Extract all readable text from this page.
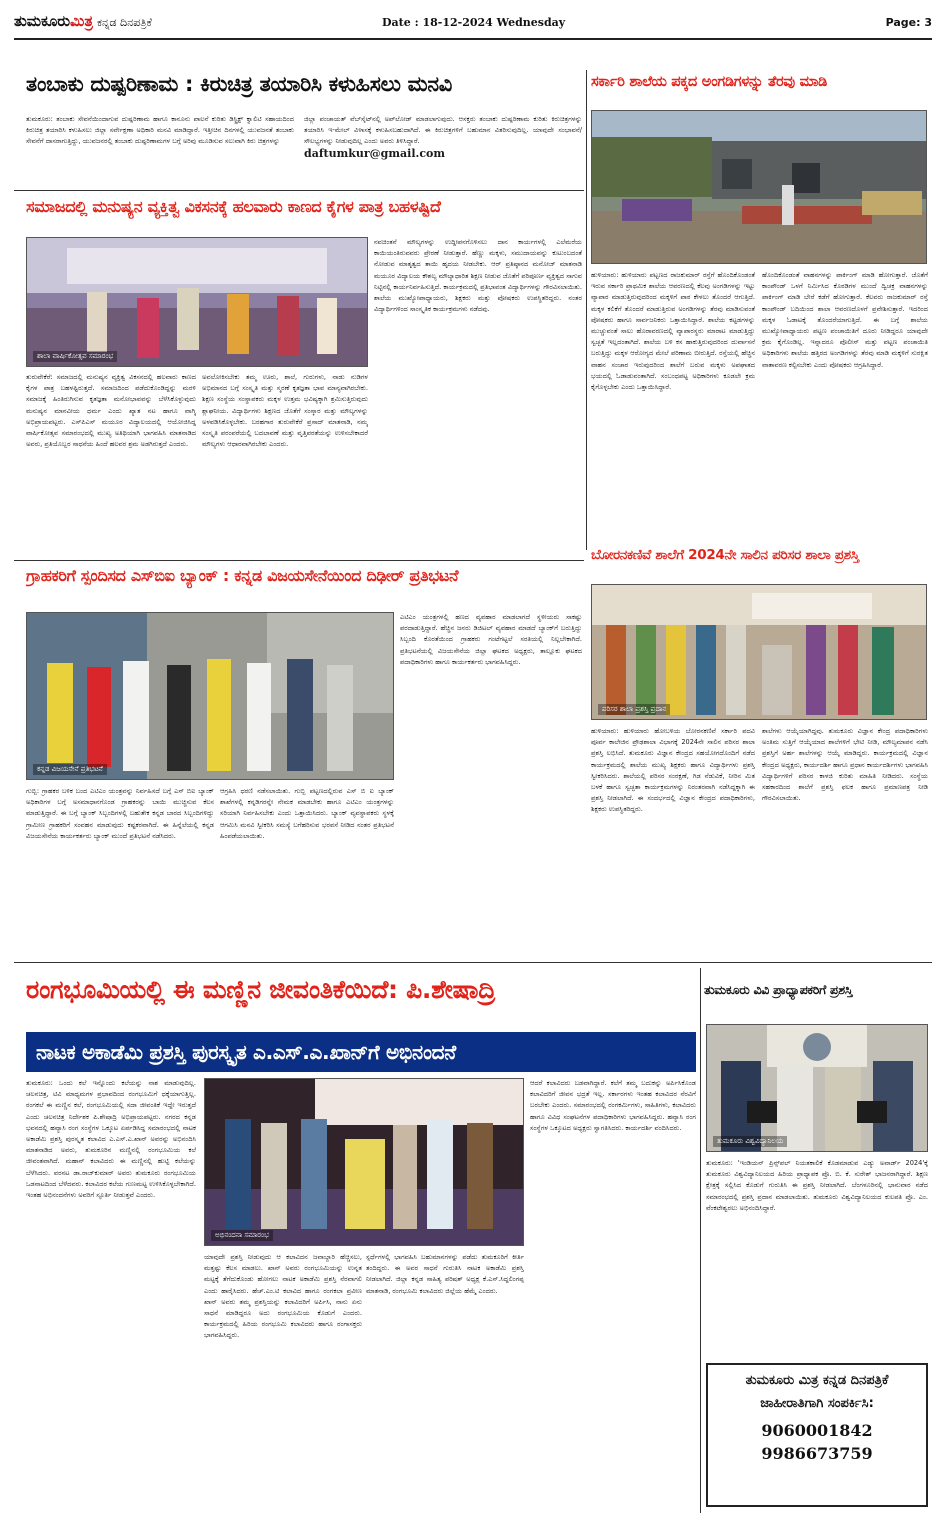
ತುಮಕೂರುಮಿತ್ರ ಕನ್ನಡ ದಿನಪತ್ರಿಕೆ	Date : 18-12-2024 Wednesday	Page: 3
ತಂಬಾಕು ದುಷ್ಪರಿಣಾಮ : ಕಿರುಚಿತ್ರ ತಯಾರಿಸಿ ಕಳುಹಿಸಲು ಮನವಿ
ತುಮಕೂರು: ತಂಬಾಕು ಸೇವನೆಯಿಂದಾಗುವ ದುಷ್ಪರಿಣಾಮ ಹಾಗೂ ಕಾನೂನು ಪಾಲನೆ ಕುರಿತು ಡಿಸ್ಟ್ರಿಕ್ಟ್ ಕ್ವಾಲಿಟಿ ಸಹಾಯದಿಂದ ಕಿರುಚಿತ್ರ ತಯಾರಿಸಿ ಕಳುಹಿಸಲು ಜಿಲ್ಲಾ ಸರ್ವೇಕ್ಷಣಾ ಅಧಿಕಾರಿ ಮನವಿ ಮಾಡಿದ್ದಾರೆ. ಇತ್ತೀಚಿನ ದಿನಗಳಲ್ಲಿ ಯುವಜನತೆ ತಂಬಾಕು ಸೇವನೆಗೆ ದಾಸರಾಗುತ್ತಿದ್ದು, ಯುವಜನರಲ್ಲಿ ತಂಬಾಕು ದುಷ್ಪರಿಣಾಮಗಳ ಬಗ್ಗೆ ಅರಿವು ಮೂಡಿಸುವ ಸಲುವಾಗಿ ಕಿರು ಚಿತ್ರಗಳನ್ನು
ಜಿಲ್ಲಾ ಪಂಚಾಯತ್ ವೆಬ್‍ಸೈಟ್‍ನಲ್ಲಿ ಅಪ್‍ಲೋಡ್ ಮಾಡಲಾಗುವುದು. ಆಸಕ್ತರು ತಂಬಾಕು ದುಷ್ಪರಿಣಾಮ ಕುರಿತು ಕಿರುಚಿತ್ರಗಳನ್ನು ತಯಾರಿಸಿ ಇ-ಮೇಲ್ ವಿಳಾಸಕ್ಕೆ ಕಳುಹಿಸಬಹುದಾಗಿದೆ. ಈ ಕಿರುಚಿತ್ರಗಳಿಗೆ ಬಹುಮಾನ ವಿತರಿಸುವುದಿಲ್ಲ. ಯಾವುದೇ ಸಂಭಾವನೆ/ಸೌಲಭ್ಯಗಳನ್ನು ನೀಡುವುದಿಲ್ಲ ಎಂದು ಅವರು ತಿಳಿಸಿದ್ದಾರೆ.
daftumkur@gmail.com
ಸರ್ಕಾರಿ ಶಾಲೆಯ ಪಕ್ಕದ ಅಂಗಡಿಗಳನ್ನು ತೆರವು ಮಾಡಿ
ಹುಳಿಯಾರು: ಹುಳಿಯಾರು ಪಟ್ಟಣದ ರಾಜಕುಮಾರ್ ರಸ್ತೆಗೆ ಹೊಂದಿಕೊಂಡಂತೆ ಇರುವ ಸರ್ಕಾರಿ ಪ್ರಾಥಮಿಕ ಶಾಲೆಯ ಆವರಣದಲ್ಲಿ ಕೆಲವು ಅಂಗಡಿಗಳನ್ನು ಇಟ್ಟು ವ್ಯಾಪಾರ ಮಾಡುತ್ತಿರುವುದರಿಂದ ಮಕ್ಕಳಿಗೆ ಪಾಠ ಕೇಳಲು ತೊಂದರೆ ಆಗುತ್ತಿದೆ. ಮಕ್ಕಳ ಕಲಿಕೆಗೆ ತೊಂದರೆ ಮಾಡುತ್ತಿರುವ ಅಂಗಡಿಗಳನ್ನು ತೆರವು ಮಾಡಿಸುವಂತೆ ಪೋಷಕರು ಹಾಗೂ ಸಾರ್ವಜನಿಕರು ಒತ್ತಾಯಿಸಿದ್ದಾರೆ. ಶಾಲೆಯ ಕಟ್ಟಡಗಳನ್ನು ಮುಚ್ಚುವಂತೆ ಸಾಲು ಹೊರಾವರಣದಲ್ಲಿ ವ್ಯಾಪಾರಸ್ಥರು ಮಾರಾಟ ಮಾಡುತ್ತಿದ್ದು ಸ್ವಚ್ಛತೆ ಇಲ್ಲದಂತಾಗಿದೆ. ಶಾಲೆಯ ಬಳಿ ಕಸ ಹಾಕುತ್ತಿರುವುದರಿಂದ ದುರ್ವಾಸನೆ ಬರುತ್ತಿದ್ದು ಮಕ್ಕಳ ಆರೋಗ್ಯದ ಮೇಲೆ ಪರಿಣಾಮ ಬೀರುತ್ತಿದೆ. ರಸ್ತೆಯಲ್ಲಿ ಹೆಚ್ಚಿನ ವಾಹನ ಸಂಚಾರ ಇರುವುದರಿಂದ ಶಾಲೆಗೆ ಬರುವ ಮಕ್ಕಳು ಅಪಘಾತದ ಭಯದಲ್ಲಿ ಓಡಾಡುವಂತಾಗಿದೆ. ಸಂಬಂಧಪಟ್ಟ ಅಧಿಕಾರಿಗಳು ಕೂಡಲೇ ಕ್ರಮ ಕೈಗೊಳ್ಳಬೇಕು ಎಂದು ಒತ್ತಾಯಿಸಿದ್ದಾರೆ.
ಹೊಂದಿಕೊಂಡಂತೆ ವಾಹನಗಳನ್ನು ಪಾರ್ಕಿಂಗ್ ಮಾಡಿ ಹೋಗುತ್ತಾರೆ. ಜೊತೆಗೆ ಕಾಂಪೌಂಡ್ ಒಳಗೆ ನಿರ್ಮಿಸಿದ ಕೊಠಡಿಗಳ ಮುಂದೆ ದ್ವಿಚಕ್ರ ವಾಹನಗಳನ್ನು ಪಾರ್ಕಿಂಗ್ ಮಾಡಿ ಬೇರೆ ಕಡೆಗೆ ಹೋಗುತ್ತಾರೆ. ಕೆಲವರು ರಾಜಕುಮಾರ್ ರಸ್ತೆ ಕಾಂಪೌಂಡ್ ಬದಿಯಿಂದ ಶಾಲಾ ಆವರಣದೊಳಗೆ ಪ್ರವೇಶಿಸುತ್ತಾರೆ. ಇದರಿಂದ ಮಕ್ಕಳ ಓಡಾಟಕ್ಕೆ ತೊಂದರೆಯಾಗುತ್ತಿದೆ. ಈ ಬಗ್ಗೆ ಶಾಲೆಯ ಮುಖ್ಯೋಪಾಧ್ಯಾಯರು ಪಟ್ಟಣ ಪಂಚಾಯಿತಿಗೆ ದೂರು ನೀಡಿದ್ದರೂ ಯಾವುದೇ ಕ್ರಮ ಕೈಗೊಂಡಿಲ್ಲ. ಇನ್ನಾದರೂ ಪೊಲೀಸ್ ಮತ್ತು ಪಟ್ಟಣ ಪಂಚಾಯಿತಿ ಅಧಿಕಾರಿಗಳು ಶಾಲೆಯ ಹತ್ತಿರದ ಅಂಗಡಿಗಳನ್ನು ತೆರವು ಮಾಡಿ ಮಕ್ಕಳಿಗೆ ಸುರಕ್ಷಿತ ವಾತಾವರಣ ಕಲ್ಪಿಸಬೇಕು ಎಂದು ಪೋಷಕರು ಆಗ್ರಹಿಸಿದ್ದಾರೆ.
ಸಮಾಜದಲ್ಲಿ ಮನುಷ್ಯನ ವ್ಯಕ್ತಿತ್ವ ವಿಕಸನಕ್ಕೆ ಹಲವಾರು ಕಾಣದ ಕೈಗಳ ಪಾತ್ರ ಬಹಳಷ್ಟಿದೆ
ಶಾಲಾ ವಾರ್ಷಿಕೋತ್ಸವ ಸಮಾರಂಭ
ನವಚಿಂತನೆ ಮೌಲ್ಯಗಳನ್ನು ಉದ್ದೀಪನಗೊಳಿಸಲು ದಾನ ಕಾರ್ಯಗಳಲ್ಲಿ ಎಲೆಮರೆಯ ಕಾಯಿಯಂತಿರುವವರು ಪ್ರೇರಣೆ ನೀಡುತ್ತಾರೆ. ಹೆಣ್ಣು ಮಕ್ಕಳು, ಸಮುದಾಯವನ್ನು ಕುಟುಂಬದಂತೆ ನೋಡುವ ಮಾತೃತ್ವದ ತಾಯಿ ಹೃದಯ ನೀಡಬೇಕು. ಆರ್ ಪ್ರತಿಷ್ಠಾನದ ಮನೋಜ್ ಮಾತನಾಡಿ ಮಯೂರ ವಿದ್ಯಾಲಯ ಕೌಶಲ್ಯ ಮೌಲ್ಯಾಧಾರಿತ ಶಿಕ್ಷಣ ನೀಡುವ ಜೊತೆಗೆ ಪರಿಪೂರ್ಣ ವ್ಯಕ್ತಿತ್ವದ ಸಾಗುವ ನಿಟ್ಟಿನಲ್ಲಿ ಕಾರ್ಯನಿರ್ವಹಿಸುತ್ತಿದೆ. ಕಾರ್ಯಕ್ರಮದಲ್ಲಿ ಪ್ರತಿಭಾವಂತ ವಿದ್ಯಾರ್ಥಿಗಳನ್ನು ಗೌರವಿಸಲಾಯಿತು. ಶಾಲೆಯ ಮುಖ್ಯೋಪಾಧ್ಯಾಯರು, ಶಿಕ್ಷಕರು ಮತ್ತು ಪೋಷಕರು ಉಪಸ್ಥಿತರಿದ್ದರು. ನಂತರ ವಿದ್ಯಾರ್ಥಿಗಳಿಂದ ಸಾಂಸ್ಕೃತಿಕ ಕಾರ್ಯಕ್ರಮಗಳು ನಡೆದವು.
ತುರುವೇಕೆರೆ: ಸಮಾಜದಲ್ಲಿ ಮನುಷ್ಯನ ವ್ಯಕ್ತಿತ್ವ ವಿಕಸನದಲ್ಲಿ ಹಲವಾರು ಕಾಣದ ಕೈಗಳ ಪಾತ್ರ ಬಹಳಷ್ಟಿರುತ್ತದೆ. ಸಮಾಜದಿಂದ ಪಡೆದುಕೊಂಡಿದ್ದನ್ನು ಮರಳಿ ಸಮಾಜಕ್ಕೆ ಹಿಂತಿರುಗಿಸುವ ಕೃತಜ್ಞತಾ ಮನೋಭಾವವನ್ನು ಬೆಳೆಸಿಕೊಳ್ಳುವುದು ಮನುಷ್ಯನ ಮಾನವೀಯ ಧರ್ಮ ಎಂದು ಖ್ಯಾತ ನಟ ಹಾಗೂ ವಾಗ್ಮಿ ಅಭಿಪ್ರಾಯಪಟ್ಟರು. ಎಸ್‌ಪಿಎಸ್ ಮಯೂರ ವಿದ್ಯಾಲಯದಲ್ಲಿ ಆಯೋಜಿಸಿದ್ದ ವಾರ್ಷಿಕೋತ್ಸವ ಸಮಾರಂಭದಲ್ಲಿ ಮುಖ್ಯ ಅತಿಥಿಯಾಗಿ ಭಾಗವಹಿಸಿ ಮಾತನಾಡಿದ ಅವರು, ಪ್ರತಿಯೊಬ್ಬರ ಸಾಧನೆಯ ಹಿಂದೆ ಹಲವರ ಶ್ರಮ ಅಡಗಿರುತ್ತದೆ ಎಂದರು.
ಅವಲೋಕಿಸಬೇಕು ತಮ್ಮ ಊರು, ಶಾಲೆ, ಗುರುಗಳು, ನಾಡು ನುಡಿಗಳ ಅಭಿಮಾನದ ಬಗ್ಗೆ ಸಂಸ್ಕೃತಿ ಮತ್ತು ಸ್ಮರಣೆ ಕೃತಜ್ಞತಾ ಭಾವ ಮಾನ್ಯವಾಗಿರಬೇಕು. ಶಿಕ್ಷಣ ಸಂಸ್ಥೆಯ ಸಂಸ್ಥಾಪಕರು ಮಕ್ಕಳ ಉತ್ತಮ ಭವಿಷ್ಯಕ್ಕಾಗಿ ಶ್ರಮಿಸುತ್ತಿರುವುದು ಶ್ಲಾಘನೀಯ. ವಿದ್ಯಾರ್ಥಿಗಳು ಶಿಕ್ಷಣದ ಜೊತೆಗೆ ಸಂಸ್ಕಾರ ಮತ್ತು ಮೌಲ್ಯಗಳನ್ನು ಅಳವಡಿಸಿಕೊಳ್ಳಬೇಕು. ಬರಹಗಾರ ತುರುವೇಕೆರೆ ಪ್ರಸಾದ್ ಮಾತನಾಡಿ, ನಮ್ಮ ಸಂಸ್ಕೃತಿ ಪರಂಪರೆಯಲ್ಲಿ ಬದಲಾವಣೆ ಮತ್ತು ವೃತ್ತಿಪರತೆಯನ್ನು ಉಳಿಸಬೇಕಾದರೆ ಮೌಲ್ಯಗಳು ಆಧಾರವಾಗಿರಬೇಕು ಎಂದರು.
ಗ್ರಾಹಕರಿಗೆ ಸ್ಪಂದಿಸದ ಎಸ್‌ಬಿಐ ಬ್ಯಾಂಕ್ : ಕನ್ನಡ ವಿಜಯಸೇನೆಯಿಂದ ದಿಢೀರ್ ಪ್ರತಿಭಟನೆ
ಕನ್ನಡ ವಿಜಯಸೇನೆ ಪ್ರತಿಭಟನೆ
ಎಟಿಎಂ ಯಂತ್ರಗಳಲ್ಲಿ ಹಣದ ವ್ಯವಹಾರ ಮಾಡಲಾಗದೆ ಸ್ಥಳೀಯರು ಸಾಕಷ್ಟು ಪರದಾಡುತ್ತಿದ್ದಾರೆ. ಹೆಚ್ಚಿನ ಜನರು ಡಿಜಿಟಲ್ ವ್ಯವಹಾರ ಮಾಡದೆ ಬ್ಯಾಂಕ್‌ಗೆ ಬರುತ್ತಿದ್ದು ಸಿಬ್ಬಂದಿ ಕೊರತೆಯಿಂದ ಗ್ರಾಹಕರು ಗಂಟೆಗಟ್ಟಲೆ ಸರತಿಯಲ್ಲಿ ನಿಲ್ಲಬೇಕಾಗಿದೆ. ಪ್ರತಿಭಟನೆಯಲ್ಲಿ ವಿಜಯಸೇನೆಯ ಜಿಲ್ಲಾ ಘಟಕದ ಅಧ್ಯಕ್ಷರು, ತಾಲ್ಲೂಕು ಘಟಕದ ಪದಾಧಿಕಾರಿಗಳು ಹಾಗೂ ಕಾರ್ಯಕರ್ತರು ಭಾಗವಹಿಸಿದ್ದರು.
ಗುಬ್ಬಿ: ಗ್ರಾಹಕರ ಬಳಿಕ ಬಂದ ಎಟಿಎಂ ಯಂತ್ರವನ್ನು ನಿರ್ವಹಿಸದೆ ಬಗ್ಗೆ ಎಸ್ ಬಿಐ ಬ್ಯಾಂಕ್ ಅಧಿಕಾರಿಗಳ ಬಗ್ಗೆ ಅಸಮಾಧಾನಗೊಂಡ ಗ್ರಾಹಕರನ್ನು ಬಾಯಿ ಮುಚ್ಚಿಸುವ ಕೆಲಸ ಮಾಡುತ್ತಿದ್ದಾರೆ. ಈ ಬಗ್ಗೆ ಬ್ಯಾಂಕ್ ಸಿಬ್ಬಂದಿಗಳಲ್ಲಿ ಬಹುತೇಕ ಕನ್ನಡ ಬಾರದ ಸಿಬ್ಬಂದಿಗಳಿದ್ದು ಗ್ರಾಮೀಣ ಗ್ರಾಹಕರಿಗೆ ಸಂವಹನ ಮಾಡುವುದು ಕಷ್ಟಕರವಾಗಿದೆ. ಈ ಹಿನ್ನೆಲೆಯಲ್ಲಿ ಕನ್ನಡ ವಿಜಯಸೇನೆಯ ಕಾರ್ಯಕರ್ತರು ಬ್ಯಾಂಕ್ ಮುಂದೆ ಪ್ರತಿಭಟನೆ ನಡೆಸಿದರು.
ಆಗ್ರಹಿಸಿ ಧರಣಿ ನಡೆಸಲಾಯಿತು. ಗುಬ್ಬಿ ಪಟ್ಟಣದಲ್ಲಿರುವ ಎಸ್ ಬಿ ಐ ಬ್ಯಾಂಕ್ ಶಾಖೆಗಳಲ್ಲಿ ಕನ್ನಡಿಗರನ್ನೇ ನೇಮಕ ಮಾಡಬೇಕು ಹಾಗೂ ಎಟಿಎಂ ಯಂತ್ರಗಳನ್ನು ಸರಿಯಾಗಿ ನಿರ್ವಹಿಸಬೇಕು ಎಂದು ಒತ್ತಾಯಿಸಿದರು. ಬ್ಯಾಂಕ್ ವ್ಯವಸ್ಥಾಪಕರು ಸ್ಥಳಕ್ಕೆ ಆಗಮಿಸಿ ಮನವಿ ಸ್ವೀಕರಿಸಿ ಸಮಸ್ಯೆ ಬಗೆಹರಿಸುವ ಭರವಸೆ ನೀಡಿದ ನಂತರ ಪ್ರತಿಭಟನೆ ಹಿಂಪಡೆಯಲಾಯಿತು.
ಬೋರನಕಣಿವೆ ಶಾಲೆಗೆ 2024ನೇ ಸಾಲಿನ ಪರಿಸರ ಶಾಲಾ ಪ್ರಶಸ್ತಿ
ಪರಿಸರ ಶಾಲಾ ಪ್ರಶಸ್ತಿ ಪ್ರದಾನ
ಹುಳಿಯಾರು: ಹುಳಿಯಾರು ಹೋಬಳಿಯ ಬೋರನಕಣಿವೆ ಸರ್ಕಾರಿ ಪದವಿ ಪೂರ್ವ ಕಾಲೇಜಿನ ಪ್ರೌಢಶಾಲಾ ವಿಭಾಗಕ್ಕೆ 2024ನೇ ಸಾಲಿನ ಪರಿಸರ ಶಾಲಾ ಪ್ರಶಸ್ತಿ ಲಭಿಸಿದೆ. ತುಮಕೂರು ವಿಜ್ಞಾನ ಕೇಂದ್ರದ ಸಹಯೋಗದೊಂದಿಗೆ ನಡೆದ ಕಾರ್ಯಕ್ರಮದಲ್ಲಿ ಶಾಲೆಯ ಮುಖ್ಯ ಶಿಕ್ಷಕರು ಹಾಗೂ ವಿದ್ಯಾರ್ಥಿಗಳು ಪ್ರಶಸ್ತಿ ಸ್ವೀಕರಿಸಿದರು. ಶಾಲೆಯಲ್ಲಿ ಪರಿಸರ ಸಂರಕ್ಷಣೆ, ಗಿಡ ನೆಡುವಿಕೆ, ನೀರಿನ ಮಿತ ಬಳಕೆ ಹಾಗೂ ಸ್ವಚ್ಛತಾ ಕಾರ್ಯಕ್ರಮಗಳನ್ನು ನಿರಂತರವಾಗಿ ನಡೆಸಿದ್ದಕ್ಕಾಗಿ ಈ ಪ್ರಶಸ್ತಿ ನೀಡಲಾಗಿದೆ. ಈ ಸಂದರ್ಭದಲ್ಲಿ ವಿಜ್ಞಾನ ಕೇಂದ್ರದ ಪದಾಧಿಕಾರಿಗಳು, ಶಿಕ್ಷಕರು ಉಪಸ್ಥಿತರಿದ್ದರು.
ಶಾಲೆಗಳು ಆಯ್ಕೆಯಾಗಿದ್ದವು. ತುಮಕೂರು ವಿಜ್ಞಾನ ಕೇಂದ್ರ ಪದಾಧಿಕಾರಿಗಳು ಅಂತಿಮ ಸುತ್ತಿಗೆ ಆಯ್ಕೆಯಾದ ಶಾಲೆಗಳಿಗೆ ಭೇಟಿ ನೀಡಿ, ಮೌಲ್ಯಮಾಪನ ನಡೆಸಿ ಪ್ರಶಸ್ತಿಗೆ ಅರ್ಹ ಶಾಲೆಗಳನ್ನು ಆಯ್ಕೆ ಮಾಡಿದ್ದರು. ಕಾರ್ಯಕ್ರಮದಲ್ಲಿ ವಿಜ್ಞಾನ ಕೇಂದ್ರದ ಅಧ್ಯಕ್ಷರು, ಕಾರ್ಯದರ್ಶಿ ಹಾಗೂ ಪ್ರಧಾನ ಕಾರ್ಯದರ್ಶಿಗಳು ಭಾಗವಹಿಸಿ ವಿದ್ಯಾರ್ಥಿಗಳಿಗೆ ಪರಿಸರ ಕಾಳಜಿ ಕುರಿತು ಮಾಹಿತಿ ನೀಡಿದರು. ಸಂಸ್ಥೆಯ ಸಹಕಾರದಿಂದ ಶಾಲೆಗೆ ಪ್ರಶಸ್ತಿ ಫಲಕ ಹಾಗೂ ಪ್ರಮಾಣಪತ್ರ ನೀಡಿ ಗೌರವಿಸಲಾಯಿತು.
ರಂಗಭೂಮಿಯಲ್ಲಿ ಈ ಮಣ್ಣಿನ ಜೀವಂತಿಕೆಯಿದೆ: ಪಿ.ಶೇಷಾದ್ರಿ
ನಾಟಕ ಅಕಾಡೆಮಿ ಪ್ರಶಸ್ತಿ ಪುರಸ್ಕೃತ ಎ.ಎಸ್.ಎ.ಖಾನ್‌ಗೆ ಅಭಿನಂದನೆ
ತುಮಕೂರು: ಒಂದು ಕಲೆ ಇನ್ನೊಂದು ಕಲೆಯನ್ನು ನಾಶ ಮಾಡುವುದಿಲ್ಲ. ಚಲನಚಿತ್ರ, ಟಿವಿ ಮಾಧ್ಯಮಗಳ ಪ್ರಭಾವದಿಂದ ರಂಗಭೂಮಿಗೆ ಧಕ್ಕೆಯಾಗುತ್ತಿಲ್ಲ. ರಂಗಕಲೆ ಈ ಮಣ್ಣಿನ ಕಲೆ, ರಂಗಭೂಮಿಯಲ್ಲಿ ಸದಾ ಜೀವಂತಿಕೆ ಇದ್ದೇ ಇರುತ್ತದೆ ಎಂದು ಚಲನಚಿತ್ರ ನಿರ್ದೇಶಕ ಪಿ.ಶೇಷಾದ್ರಿ ಅಭಿಪ್ರಾಯಪಟ್ಟರು. ನಗರದ ಕನ್ನಡ ಭವನದಲ್ಲಿ ಹವ್ಯಾಸಿ ರಂಗ ಸಂಸ್ಥೆಗಳ ಒಕ್ಕೂಟ ಏರ್ಪಡಿಸಿದ್ದ ಸಮಾರಂಭದಲ್ಲಿ ನಾಟಕ ಅಕಾಡೆಮಿ ಪ್ರಶಸ್ತಿ ಪುರಸ್ಕೃತ ಕಲಾವಿದ ಎ.ಎಸ್.ಎ.ಖಾನ್ ಅವರನ್ನು ಅಭಿನಂದಿಸಿ ಮಾತನಾಡಿದ ಅವರು, ತುಮಕೂರಿನ ಮಣ್ಣಿನಲ್ಲಿ ರಂಗಭೂಮಿಯ ಕಲೆ ಜೀವಂತವಾಗಿದೆ. ಮಹಾನ್ ಕಲಾವಿದರು ಈ ಮಣ್ಣಿನಲ್ಲಿ ಹುಟ್ಟಿ ಕಲೆಯನ್ನು ಬೆಳೆಸಿದರು. ವರನಟ ಡಾ.ರಾಜ್‌ಕುಮಾರ್ ಅವರು ತುಮಕೂರು ರಂಗಭೂಮಿಯ ಒಡನಾಟದಿಂದ ಬೆಳೆದವರು. ಕಲಾವಿದರ ಕಲೆಯ ಗುಣಮಟ್ಟ ಉಳಿಸಿಕೊಳ್ಳಬೇಕಾಗಿದೆ. ಇಂತಹ ಅಭಿನಂದನೆಗಳು ಅವರಿಗೆ ಸ್ಫೂರ್ತಿ ನೀಡುತ್ತವೆ ಎಂದರು.
ಅಭಿನಂದನಾ ಸಮಾರಂಭ
ಯಾವುದೇ ಪ್ರಶಸ್ತಿ ನೀಡುವುದು ಆ ಕಲಾವಿದನ ಜವಾಬ್ದಾರಿ ಹೆಚ್ಚಿಸಲು, ಮತ್ತಷ್ಟು ಕೆಲಸ ಮಾಡಲು. ಖಾನ್ ಅವರು ರಂಗಭೂಮಿಯನ್ನು ಉನ್ನತ ಮಟ್ಟಕ್ಕೆ ತೆಗೆದುಕೊಂಡು ಹೋಗಲು ನಾಟಕ ಅಕಾಡೆಮಿ ಪ್ರಶಸ್ತಿ ನೆರವಾಗಲಿ ಎಂದು ಹಾರೈಸಿದರು. ಹೆಚ್.ಎಂ.ಟಿ ಕಲಾವಿದ ಹಾಗೂ ರಂಗಕಲಾ ಪ್ರವೀಣ ಖಾನ್ ಅವರು ತಮ್ಮ ಪ್ರಶಸ್ತಿಯನ್ನು ಕಲಾವಿದರಿಗೆ ಅರ್ಪಿಸಿ, ನಾನು ಏನು ಸಾಧನೆ ಮಾಡಿದ್ದರೂ ಅದು ರಂಗಭೂಮಿಯ ಕೊಡುಗೆ ಎಂದರು. ಕಾರ್ಯಕ್ರಮದಲ್ಲಿ ಹಿರಿಯ ರಂಗಭೂಮಿ ಕಲಾವಿದರು ಹಾಗೂ ರಂಗಾಸಕ್ತರು ಭಾಗವಹಿಸಿದ್ದರು.
ಸ್ಪರ್ಧೆಗಳಲ್ಲಿ ಭಾಗವಹಿಸಿ ಬಹುಮಾನಗಳನ್ನು ಪಡೆದು ತುಮಕೂರಿಗೆ ಕೀರ್ತಿ ತಂದಿದ್ದರು. ಈ ಅವರ ಸಾಧನೆ ಗುರುತಿಸಿ ನಾಟಕ ಅಕಾಡೆಮಿ ಪ್ರಶಸ್ತಿ ನೀಡಲಾಗಿದೆ. ಜಿಲ್ಲಾ ಕನ್ನಡ ಸಾಹಿತ್ಯ ಪರಿಷತ್ ಅಧ್ಯಕ್ಷ ಕೆ.ಎಸ್.ಸಿದ್ದಲಿಂಗಪ್ಪ ಮಾತನಾಡಿ, ರಂಗಭೂಮಿ ಕಲಾವಿದರು ಜಿಲ್ಲೆಯ ಹೆಮ್ಮೆ ಎಂದರು.
ಆದರೆ ಕಲಾವಿದರು ಬಡವಾಗಿದ್ದಾರೆ. ಕಲೆಗೆ ತಮ್ಮ ಬದುಕನ್ನು ಅರ್ಪಿಸಿಕೊಂಡ ಕಲಾವಿದರಿಗೆ ಜೀವನ ಭದ್ರತೆ ಇಲ್ಲ. ಸರ್ಕಾರಗಳು ಇಂತಹ ಕಲಾವಿದರ ನೆರವಿಗೆ ಬರಬೇಕು ಎಂದರು. ಸಮಾರಂಭದಲ್ಲಿ ರಂಗಕರ್ಮಿಗಳು, ಸಾಹಿತಿಗಳು, ಕಲಾವಿದರು ಹಾಗೂ ವಿವಿಧ ಸಂಘಟನೆಗಳ ಪದಾಧಿಕಾರಿಗಳು ಭಾಗವಹಿಸಿದ್ದರು. ಹವ್ಯಾಸಿ ರಂಗ ಸಂಸ್ಥೆಗಳ ಒಕ್ಕೂಟದ ಅಧ್ಯಕ್ಷರು ಸ್ವಾಗತಿಸಿದರು. ಕಾರ್ಯದರ್ಶಿ ವಂದಿಸಿದರು.
ತುಮಕೂರು ವಿವಿ ಪ್ರಾಧ್ಯಾಪಕರಿಗೆ ಪ್ರಶಸ್ತಿ
ತುಮಕೂರು ವಿಶ್ವವಿದ್ಯಾನಿಲಯ
ತುಮಕೂರು: 'ಇಂಡಿಯನ್ ಪ್ರಿನ್ಸ್‌ಪಲ್ ನಿಯತಕಾಲಿಕೆ ಕೊಡಮಾಡುವ ಎಡ್ಯು ಅವಾರ್ಡ್ 2024'ಕ್ಕೆ ತುಮಕೂರು ವಿಶ್ವವಿದ್ಯಾನಿಲಯದ ಹಿರಿಯ ಪ್ರಾಧ್ಯಾಪಕ ಪ್ರೊ. ಬಿ. ಕೆ. ಸುರೇಶ್ ಭಾಜನರಾಗಿದ್ದಾರೆ. ಶಿಕ್ಷಣ ಕ್ಷೇತ್ರಕ್ಕೆ ಸಲ್ಲಿಸಿದ ಕೊಡುಗೆ ಗುರುತಿಸಿ ಈ ಪ್ರಶಸ್ತಿ ನೀಡಲಾಗಿದೆ. ಬೆಂಗಳೂರಿನಲ್ಲಿ ಭಾನುವಾರ ನಡೆದ ಸಮಾರಂಭದಲ್ಲಿ ಪ್ರಶಸ್ತಿ ಪ್ರದಾನ ಮಾಡಲಾಯಿತು. ತುಮಕೂರು ವಿಶ್ವವಿದ್ಯಾನಿಲಯದ ಕುಲಪತಿ ಪ್ರೊ. ಎಂ. ವೆಂಕಟೇಶ್ವರಲು ಅಭಿನಂದಿಸಿದ್ದಾರೆ.
ತುಮಕೂರು ಮಿತ್ರ ಕನ್ನಡ ದಿನಪತ್ರಿಕೆ
ಜಾಹೀರಾತಿಗಾಗಿ ಸಂಪರ್ಕಿಸಿ:
9060001842
9986673759
